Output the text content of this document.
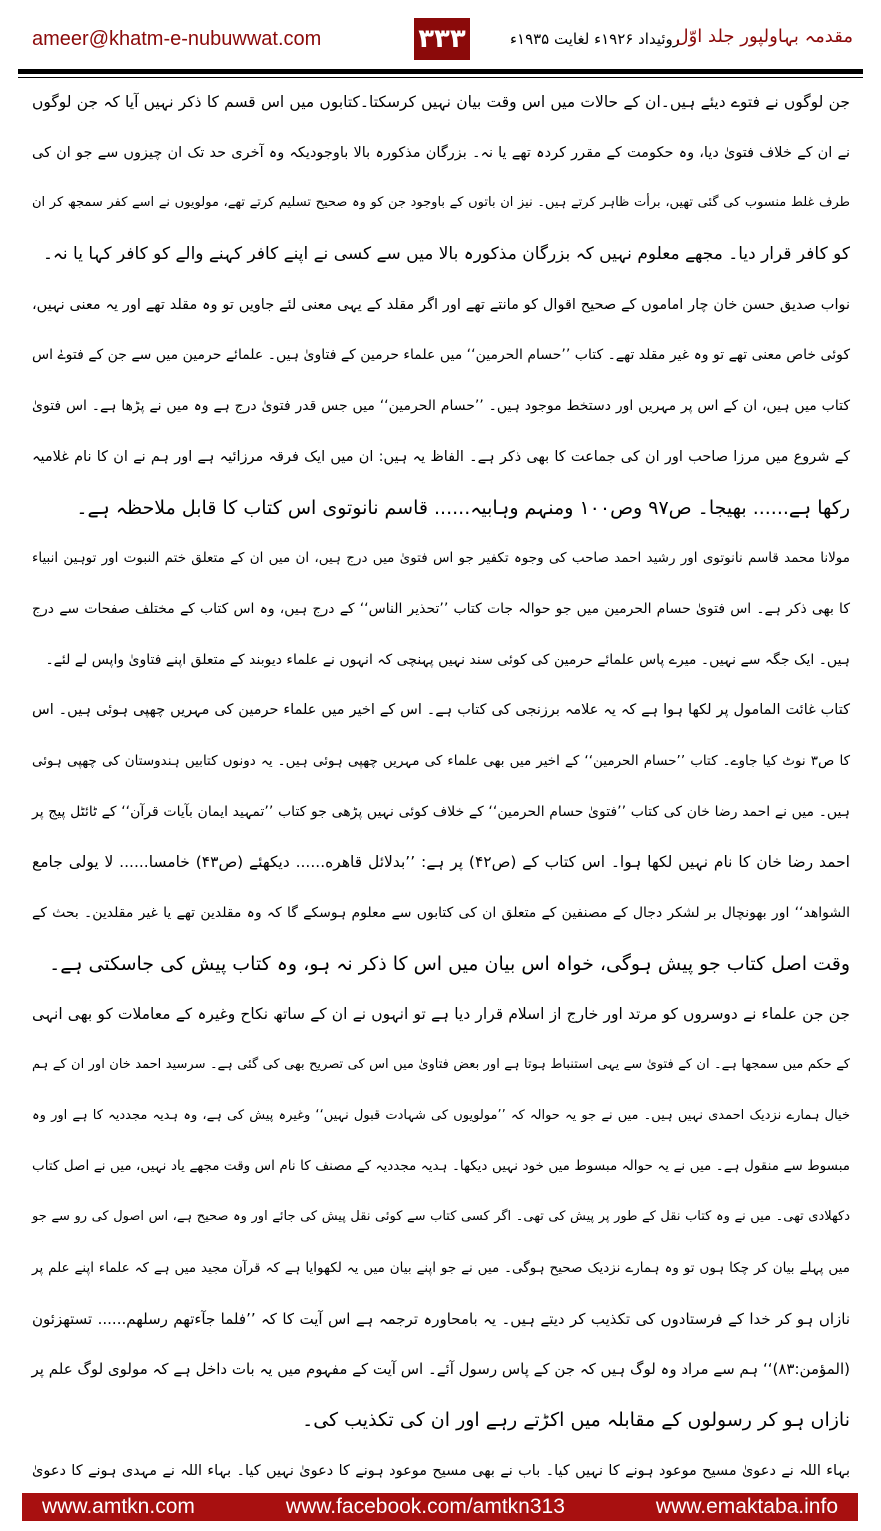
ameer@khatm-e-nubuwwat.com	۳۳۳	روئیداد ۱۹۲۶ء لغایت ۱۹۳۵ء
مقدمہ بہاولپور جلد اوّل
جن لوگوں نے فتوے دیئے ہیں۔ان کے حالات میں اس وقت بیان نہیں کرسکتا۔کتابوں میں اس قسم کا ذکر نہیں آیا کہ جن لوگوں
نے ان کے خلاف فتویٰ دیا، وہ حکومت کے مقرر کردہ تھے یا نہ۔ بزرگان مذکورہ بالا باوجودیکہ وہ آخری حد تک ان چیزوں سے جو ان کی
طرف غلط منسوب کی گئی تھیں، برأت ظاہر کرتے ہیں۔ نیز ان باتوں کے باوجود جن کو وہ صحیح تسلیم کرتے تھے، مولویوں نے اسے کفر سمجھ کر ان
کو کافر قرار دیا۔ مجھے معلوم نہیں کہ بزرگان مذکورہ بالا میں سے کسی نے اپنے کافر کہنے والے کو کافر کہا یا نہ۔
نواب صدیق حسن خان چار اماموں کے صحیح اقوال کو مانتے تھے اور اگر مقلد کے یہی معنی لئے جاویں تو وہ مقلد تھے اور یہ معنی نہیں،
کوئی خاص معنی تھے تو وہ غیر مقلد تھے۔ کتاب ’’حسام الحرمین‘‘ میں علماء حرمین کے فتاویٰ ہیں۔ علمائے حرمین میں سے جن کے فتوےٰ اس
کتاب میں ہیں، ان کے اس پر مہریں اور دستخط موجود ہیں۔ ’’حسام الحرمین‘‘ میں جس قدر فتویٰ درج ہے وہ میں نے پڑھا ہے۔ اس فتویٰ
کے شروع میں مرزا صاحب اور ان کی جماعت کا بھی ذکر ہے۔ الفاظ یہ ہیں: ان میں ایک فرقہ مرزائیہ ہے اور ہم نے ان کا نام غلامیہ
رکھا ہے...... بھیجا۔ ص۹۷ وص۱۰۰ ومنہم وہابیہ...... قاسم نانوتوی اس کتاب کا قابل ملاحظہ ہے۔
مولانا محمد قاسم نانوتوی اور رشید احمد صاحب کی وجوہ تکفیر جو اس فتویٰ میں درج ہیں، ان میں ان کے متعلق ختم النبوت اور توہین انبیاء
کا بھی ذکر ہے۔ اس فتویٰ حسام الحرمین میں جو حوالہ جات کتاب ’’تحذیر الناس‘‘ کے درج ہیں، وہ اس کتاب کے مختلف صفحات سے درج
ہیں۔ ایک جگہ سے نہیں۔ میرے پاس علمائے حرمین کی کوئی سند نہیں پہنچی کہ انہوں نے علماء دیوبند کے متعلق اپنے فتاویٰ واپس لے لئے۔
کتاب غائت المامول پر لکھا ہوا ہے کہ یہ علامہ برزنجی کی کتاب ہے۔ اس کے اخیر میں علماء حرمین کی مہریں چھپی ہوئی ہیں۔ اس
کا ص۳ نوٹ کیا جاوے۔ کتاب ’’حسام الحرمین‘‘ کے اخیر میں بھی علماء کی مہریں چھپی ہوئی ہیں۔ یہ دونوں کتابیں ہندوستان کی چھپی ہوئی
ہیں۔ میں نے احمد رضا خان کی کتاب ’’فتویٰ حسام الحرمین‘‘ کے خلاف کوئی نہیں پڑھی جو کتاب ’’تمہید ایمان بآیات قرآن‘‘ کے ٹائٹل پیج پر
احمد رضا خان کا نام نہیں لکھا ہوا۔ اس کتاب کے (ص۴۲) پر ہے: ’’بدلائل قاهره...... دیکھئے (ص۴۳) خامسا...... لا یولی جامع
الشواهد‘‘ اور بھونچال بر لشکر دجال کے مصنفین کے متعلق ان کی کتابوں سے معلوم ہوسکے گا کہ وہ مقلدین تھے یا غیر مقلدین۔ بحث کے
وقت اصل کتاب جو پیش ہوگی، خواہ اس بیان میں اس کا ذکر نہ ہو، وہ کتاب پیش کی جاسکتی ہے۔
جن جن علماء نے دوسروں کو مرتد اور خارج از اسلام قرار دیا ہے تو انہوں نے ان کے ساتھ نکاح وغیرہ کے معاملات کو بھی انہی
کے حکم میں سمجھا ہے۔ ان کے فتویٰ سے یہی استنباط ہوتا ہے اور بعض فتاویٰ میں اس کی تصریح بھی کی گئی ہے۔ سرسید احمد خان اور ان کے ہم
خیال ہمارے نزدیک احمدی نہیں ہیں۔ میں نے جو یہ حوالہ کہ ’’مولویوں کی شہادت قبول نہیں‘‘ وغیرہ پیش کی ہے، وہ ہدیہ مجددیہ کا ہے اور وہ
مبسوط سے منقول ہے۔ میں نے یہ حوالہ مبسوط میں خود نہیں دیکھا۔ ہدیہ مجددیہ کے مصنف کا نام اس وقت مجھے یاد نہیں، میں نے اصل کتاب
دکھلادی تھی۔ میں نے وہ کتاب نقل کے طور پر پیش کی تھی۔ اگر کسی کتاب سے کوئی نقل پیش کی جائے اور وہ صحیح ہے، اس اصول کی رو سے جو
میں پہلے بیان کر چکا ہوں تو وہ ہمارے نزدیک صحیح ہوگی۔ میں نے جو اپنے بیان میں یہ لکھوایا ہے کہ قرآن مجید میں ہے کہ علماء اپنے علم پر
نازاں ہو کر خدا کے فرستادوں کی تکذیب کر دیتے ہیں۔ یہ بامحاورہ ترجمہ ہے اس آیت کا کہ ’’فلما جآءتهم رسلهم...... تستهزئون
(المؤمن:۸۳)‘‘ ہم سے مراد وہ لوگ ہیں کہ جن کے پاس رسول آئے۔ اس آیت کے مفہوم میں یہ بات داخل ہے کہ مولوی لوگ علم پر
نازاں ہو کر رسولوں کے مقابلہ میں اکڑتے رہے اور ان کی تکذیب کی۔
بہاء اللہ نے دعویٰ مسیح موعود ہونے کا نہیں کیا۔ باب نے بھی مسیح موعود ہونے کا دعویٰ نہیں کیا۔ بہاء اللہ نے مہدی ہونے کا دعویٰ
www.amtkn.com	www.facebook.com/amtkn313	www.emaktaba.info
